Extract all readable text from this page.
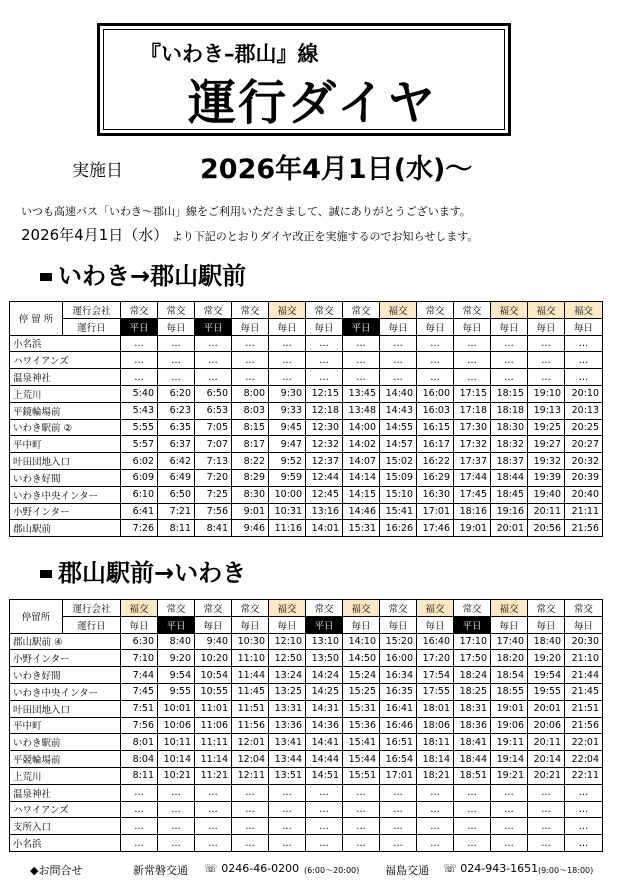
『いわき–郡山』線
運行ダイヤ
実施日	2026年4月1日(水)〜
いつも高速バス「いわき〜郡山」線をご利用いただきまして、誠にありがとうございます。
2026年4月1日（水） より下記のとおりダイヤ改正を実施するのでお知らせします。
いわき→郡山駅前
停 留 所	運行会社	常交	常交	常交	常交	福交	常交	常交	福交	常交	常交	福交	福交	福交
	運行日	平日	毎日	平日	毎日	毎日	毎日	平日	毎日	毎日	毎日	毎日	毎日	毎日
小名浜		…	…	…	…	…	…	…	…	…	…	…	…	…
ハワイアンズ		…	…	…	…	…	…	…	…	…	…	…	…	…
温泉神社		…	…	…	…	…	…	…	…	…	…	…	…	…
上荒川		5:40	6:20	6:50	8:00	9:30	12:15	13:45	14:40	16:00	17:15	18:15	19:10	20:10
平鏡輪場前		5:43	6:23	6:53	8:03	9:33	12:18	13:48	14:43	16:03	17:18	18:18	19:13	20:13
いわき駅前 ②		5:55	6:35	7:05	8:15	9:45	12:30	14:00	14:55	16:15	17:30	18:30	19:25	20:25
平中町		5:57	6:37	7:07	8:17	9:47	12:32	14:02	14:57	16:17	17:32	18:32	19:27	20:27
叶田団地入口		6:02	6:42	7:13	8:22	9:52	12:37	14:07	15:02	16:22	17:37	18:37	19:32	20:32
いわき好間		6:09	6:49	7:20	8:29	9:59	12:44	14:14	15:09	16:29	17:44	18:44	19:39	20:39
いわき中央インター		6:10	6:50	7:25	8:30	10:00	12:45	14:15	15:10	16:30	17:45	18:45	19:40	20:40
小野インター		6:41	7:21	7:56	9:01	10:31	13:16	14:46	15:41	17:01	18:16	19:16	20:11	21:11
郡山駅前		7:26	8:11	8:41	9:46	11:16	14:01	15:31	16:26	17:46	19:01	20:01	20:56	21:56
郡山駅前→いわき
停留所	運行会社	福交	常交	常交	常交	福交	常交	福交	常交	福交	常交	福交	常交	常交
	運行日	毎日	平日	毎日	毎日	毎日	平日	毎日	毎日	毎日	平日	毎日	毎日	毎日
郡山駅前 ④		6:30	8:40	9:40	10:30	12:10	13:10	14:10	15:20	16:40	17:10	17:40	18:40	20:30
小野インター		7:10	9:20	10:20	11:10	12:50	13:50	14:50	16:00	17:20	17:50	18:20	19:20	21:10
いわき好間		7:44	9:54	10:54	11:44	13:24	14:24	15:24	16:34	17:54	18:24	18:54	19:54	21:44
いわき中央インター		7:45	9:55	10:55	11:45	13:25	14:25	15:25	16:35	17:55	18:25	18:55	19:55	21:45
叶田団地入口		7:51	10:01	11:01	11:51	13:31	14:31	15:31	16:41	18:01	18:31	19:01	20:01	21:51
平中町		7:56	10:06	11:06	11:56	13:36	14:36	15:36	16:46	18:06	18:36	19:06	20:06	21:56
いわき駅前		8:01	10:11	11:11	12:01	13:41	14:41	15:41	16:51	18:11	18:41	19:11	20:11	22:01
平競輪場前		8:04	10:14	11:14	12:04	13:44	14:44	15:44	16:54	18:14	18:44	19:14	20:14	22:04
上荒川		8:11	10:21	11:21	12:11	13:51	14:51	15:51	17:01	18:21	18:51	19:21	20:21	22:11
温泉神社		…	…	…	…	…	…	…	…	…	…	…	…	…
ハワイアンズ		…	…	…	…	…	…	…	…	…	…	…	…	…
支所入口		…	…	…	…	…	…	…	…	…	…	…	…	…
小名浜		…	…	…	…	…	…	…	…	…	…	…	…	…
◆お問合せ	新常磐交通 ☏ 0246-46-0200 (6:00〜20:00) 福島交通 ☏ 024-943-1651 (9:00〜18:00)
